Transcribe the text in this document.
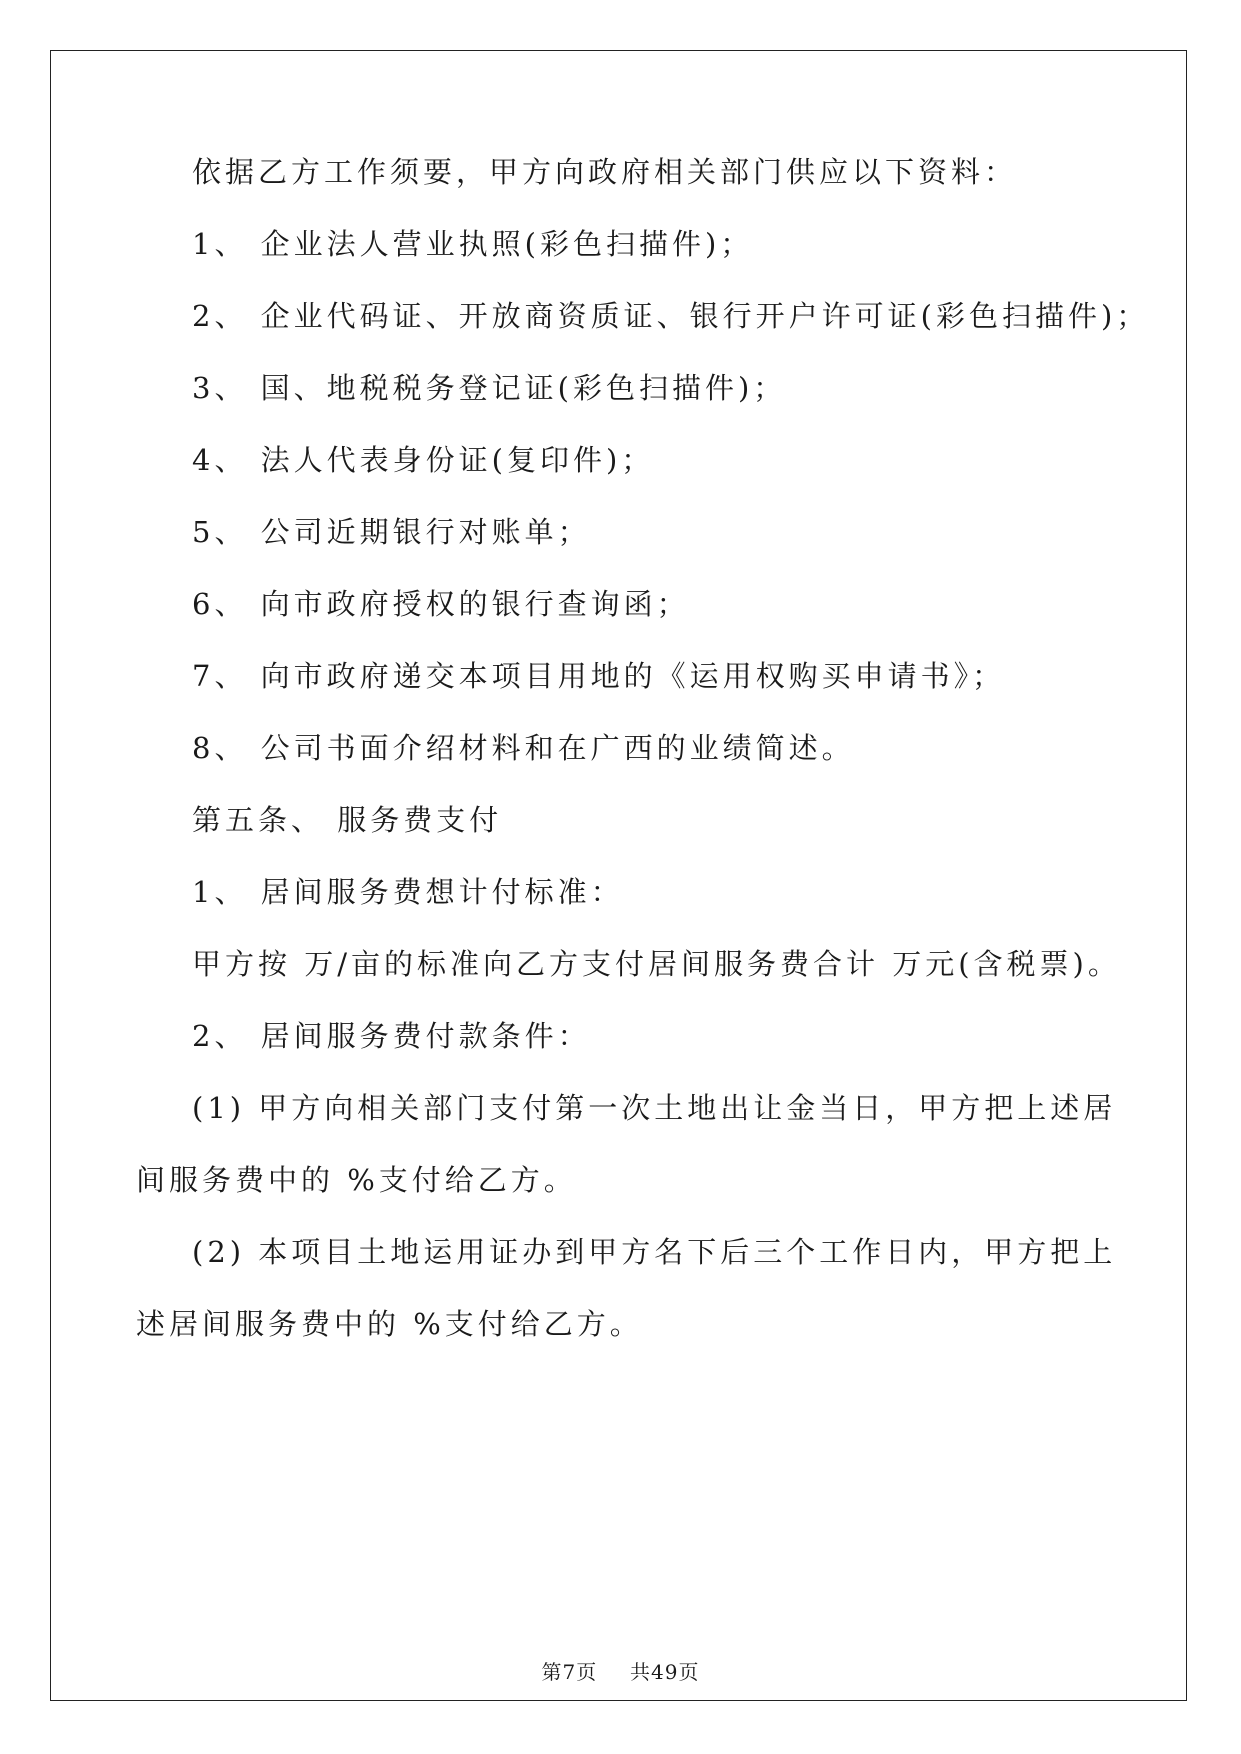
依据乙方工作须要，甲方向政府相关部门供应以下资料：
1、 企业法人营业执照(彩色扫描件)；
2、 企业代码证、开放商资质证、银行开户许可证(彩色扫描件)；
3、 国、地税税务登记证(彩色扫描件)；
4、 法人代表身份证(复印件)；
5、 公司近期银行对账单；
6、 向市政府授权的银行查询函；
7、 向市政府递交本项目用地的《运用权购买申请书》；
8、 公司书面介绍材料和在广西的业绩简述。
第五条、 服务费支付
1、 居间服务费想计付标准：
甲方按 万/亩的标准向乙方支付居间服务费合计 万元(含税票)。
2、 居间服务费付款条件：
(1) 甲方向相关部门支付第一次土地出让金当日，甲方把上述居
间服务费中的 %支付给乙方。
(2) 本项目土地运用证办到甲方名下后三个工作日内，甲方把上
述居间服务费中的 %支付给乙方。
第7页 共49页
